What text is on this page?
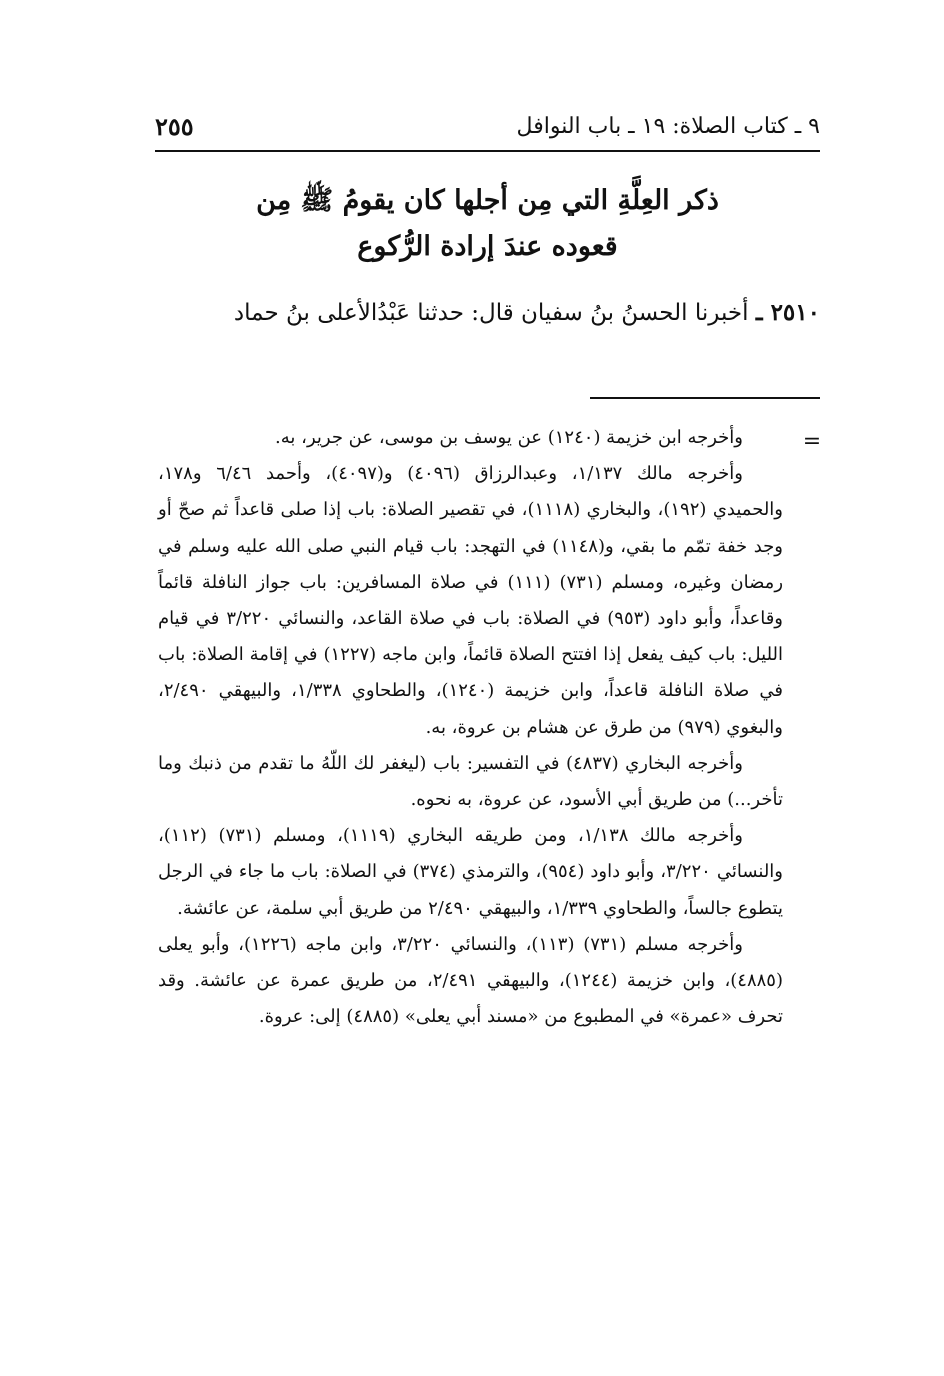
٩ ـ كتاب الصلاة: ١٩ ـ باب النوافل
٢٥٥
ذكر العِلَّةِ التي مِن أجلها كان يقومُ ﷺ مِن
قعوده عندَ إرادة الرُّكوع
٢٥١٠ ـ أخبرنا الحسنُ بنُ سفيان قال: حدثنا عَبْدُالأعلى بنُ حماد
=

وأخرجه ابن خزيمة (١٢٤٠) عن يوسف بن موسى، عن جرير، به.

وأخرجه مالك ١/١٣٧، وعبدالرزاق (٤٠٩٦) و(٤٠٩٧)، وأحمد ٦/٤٦ و١٧٨، والحميدي (١٩٢)، والبخاري (١١١٨)، في تقصير الصلاة: باب إذا صلى قاعداً ثم صحّ أو وجد خفة تمّم ما بقي، و(١١٤٨) في التهجد: باب قيام النبي صلى الله عليه وسلم في رمضان وغيره، ومسلم (٧٣١) (١١١) في صلاة المسافرين: باب جواز النافلة قائماً وقاعداً، وأبو داود (٩٥٣) في الصلاة: باب في صلاة القاعد، والنسائي ٣/٢٢٠ في قيام الليل: باب كيف يفعل إذا افتتح الصلاة قائماً، وابن ماجه (١٢٢٧) في إقامة الصلاة: باب في صلاة النافلة قاعداً، وابن خزيمة (١٢٤٠)، والطحاوي ١/٣٣٨، والبيهقي ٢/٤٩٠، والبغوي (٩٧٩) من طرق عن هشام بن عروة، به.

وأخرجه البخاري (٤٨٣٧) في التفسير: باب (ليغفر لك اللّهُ ما تقدم من ذنبك وما تأخر...) من طريق أبي الأسود، عن عروة، به نحوه.

وأخرجه مالك ١/١٣٨، ومن طريقه البخاري (١١١٩)، ومسلم (٧٣١) (١١٢)، والنسائي ٣/٢٢٠، وأبو داود (٩٥٤)، والترمذي (٣٧٤) في الصلاة: باب ما جاء في الرجل يتطوع جالساً، والطحاوي ١/٣٣٩، والبيهقي ٢/٤٩٠ من طريق أبي سلمة، عن عائشة.

وأخرجه مسلم (٧٣١) (١١٣)، والنسائي ٣/٢٢٠، وابن ماجه (١٢٢٦)، وأبو يعلى (٤٨٨٥)، وابن خزيمة (١٢٤٤)، والبيهقي ٢/٤٩١، من طريق عمرة عن عائشة. وقد تحرف «عمرة» في المطبوع من «مسند أبي يعلى» (٤٨٨٥) إلى: عروة.
